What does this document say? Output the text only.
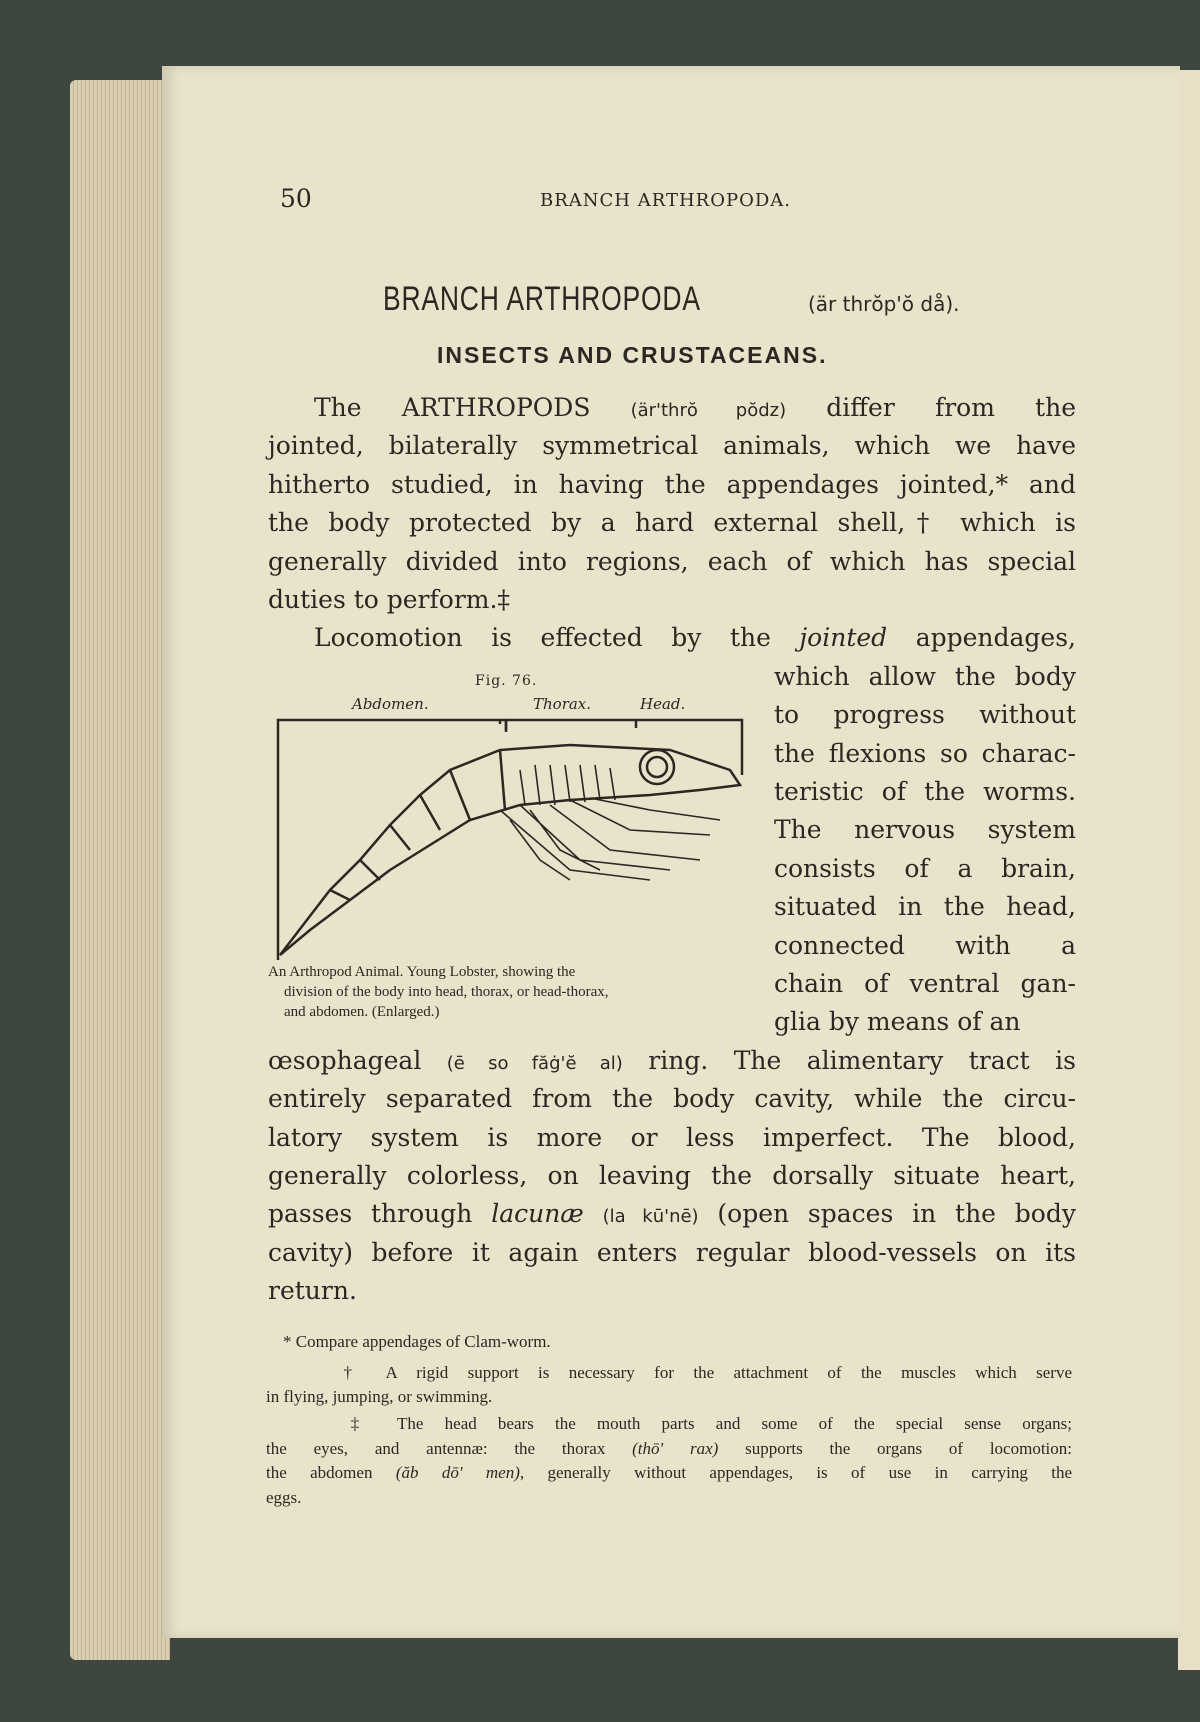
50	BRANCH ARTHROPODA.
BRANCH ARTHROPODA	(är thrŏp'ŏ då).
INSECTS AND CRUSTACEANS.
The ARTHROPODS (är'thrŏ pŏdz) differ from the
jointed, bilaterally symmetrical animals, which we have
hitherto studied, in having the appendages jointed,* and
the body protected by a hard external shell,† which is
generally divided into regions, each of which has special
duties to perform.‡
Locomotion is effected by the jointed appendages,
which allow the body
to progress without
the flexions so charac-
teristic of the worms.
The nervous system
consists of a brain,
situated in the head,
connected with a
chain of ventral gan-
glia by means of an
œsophageal (ē so făġ'ĕ al) ring. The alimentary tract is
entirely separated from the body cavity, while the circu-
latory system is more or less imperfect. The blood,
generally colorless, on leaving the dorsally situate heart,
passes through lacunæ (la kū'nē) (open spaces in the body
cavity) before it again enters regular blood-vessels on its
return.
* Compare appendages of Clam-worm.
† A rigid support is necessary for the attachment of the muscles which serve
in flying, jumping, or swimming.
‡ The head bears the mouth parts and some of the special sense organs;
the eyes, and antennæ: the thorax (thō' rax) supports the organs of locomotion:
the abdomen (ăb dō' men), generally without appendages, is of use in carrying the
eggs.
Fig. 76.
Abdomen.	Thorax.	Head.
An Arthropod Animal. Young Lobster, showing the
division of the body into head, thorax, or head-thorax,
and abdomen. (Enlarged.)
